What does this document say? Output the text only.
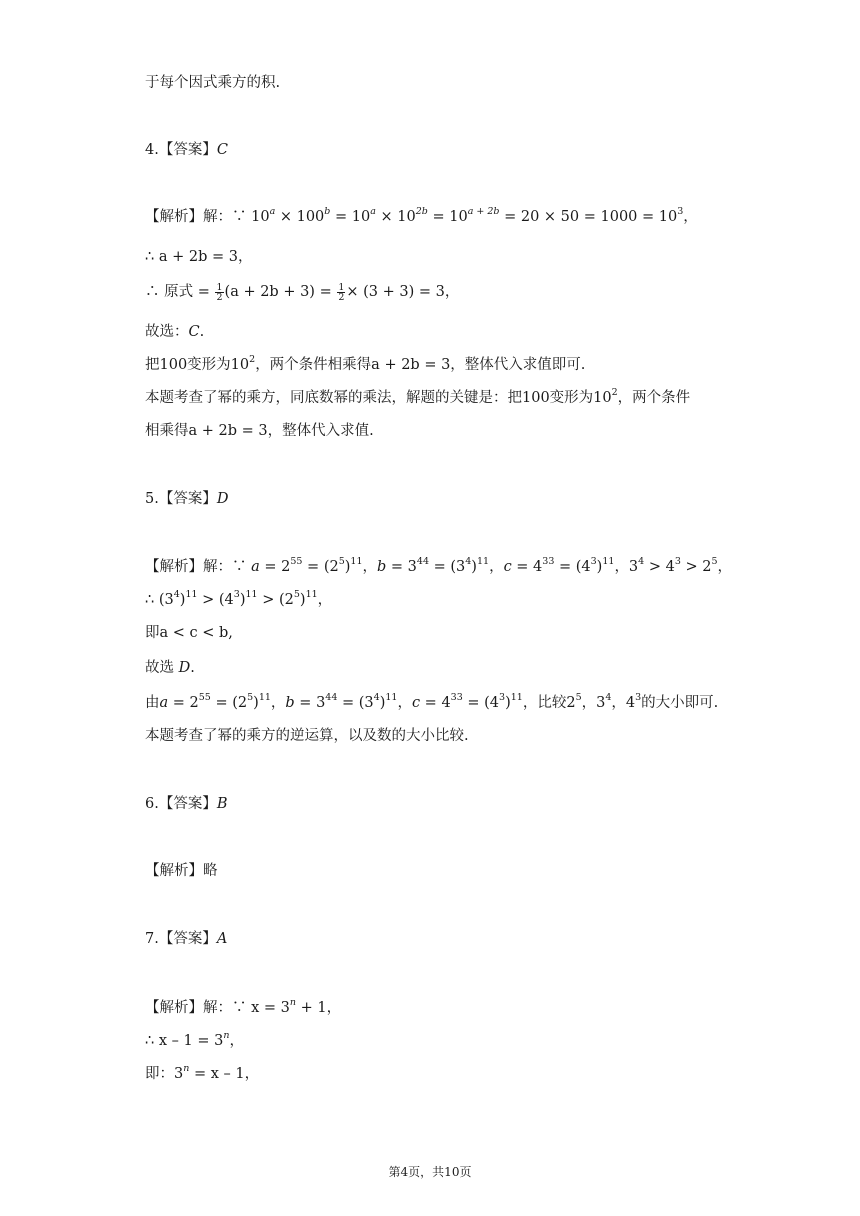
于每个因式乘方的积.
4.【答案】C
【解析】解：∵ $10^a \times 100^b = 10^a \times 10^{2b} = 10^{a + 2b} = 20 \times 50 = 1000 = 10^3$，
∴ a + 2b = 3，
∴ 原式 = $\frac{1}{2} (a + 2b + 3) = \frac{1}{2} \times (3 + 3) = 3$，
故选：C.
把100变形为$10^2$，两个条件相乘得a + 2b = 3，整体代入求值即可.
本题考查了幂的乘方，同底数幂的乘法，解题的关键是：把100变形为$10^2$，两个条件
相乘得a + 2b = 3，整体代入求值.
5.【答案】D
【解析】解：∵ $a = 2^{55} = (2^5)^{11}$，$b = 3^{44} = (3^4)^{11}$，$c = 4^{33} = (4^3)^{11}$，$3^4 > 4^3 > 2^5$，
∴ $(3^4)^{11} > (4^3)^{11} > (2^5)^{11}$，
即a < c < b,
故选 D.
由$a = 2^{55} = (2^5)^{11}$，$b = 3^{44} = (3^4)^{11}$，$c = 4^{33} = (4^3)^{11}$，比较$2^5$，$3^4$，$4^3$的大小即可.
本题考查了幂的乘方的逆运算，以及数的大小比较.
6.【答案】B
【解析】略
7.【答案】A
【解析】解：∵ $x = 3^n + 1$，
∴ $x - 1 = 3^n$，
即：$3^n = x - 1$，
第4页，共10页
